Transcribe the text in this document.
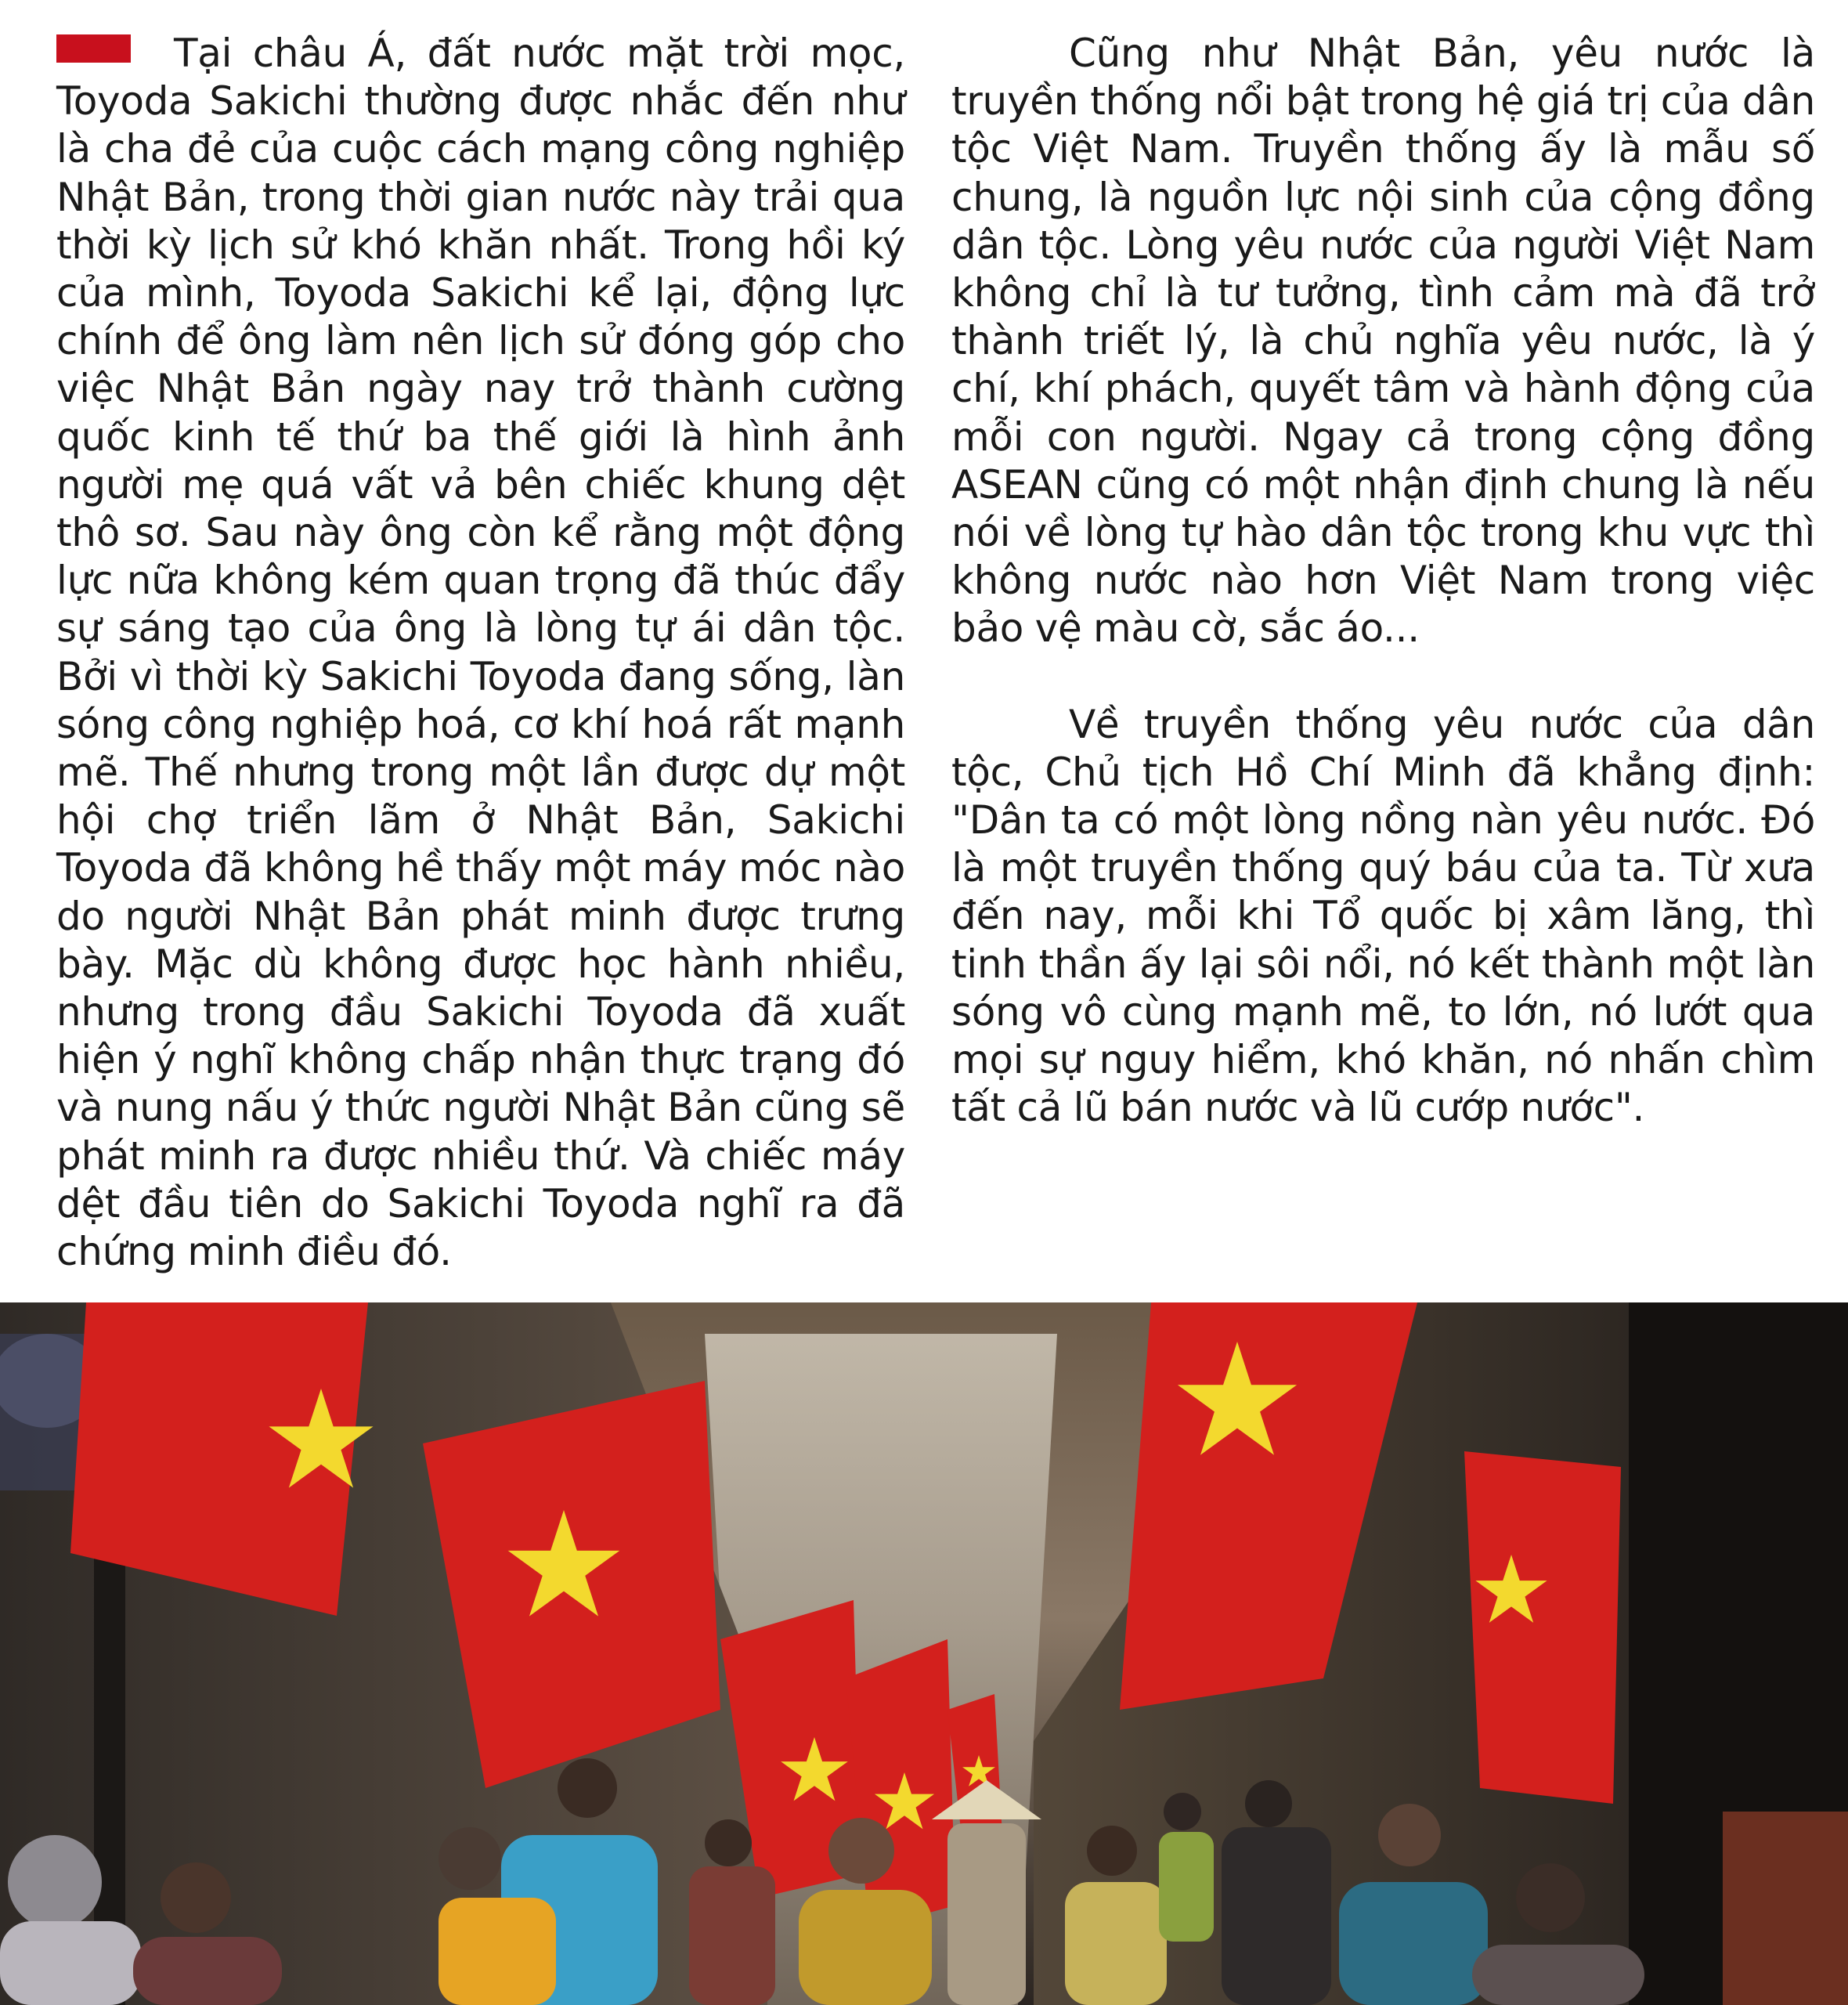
Tại châu Á, đất nước mặt trời mọc, Toyoda Sakichi thường được nhắc đến như là cha đẻ của cuộc cách mạng công nghiệp Nhật Bản, trong thời gian nước này trải qua thời kỳ lịch sử khó khăn nhất. Trong hồi ký của mình, Toyoda Sakichi kể lại, động lực chính để ông làm nên lịch sử đóng góp cho việc Nhật Bản ngày nay trở thành cường quốc kinh tế thứ ba thế giới là hình ảnh người mẹ quá vất vả bên chiếc khung dệt thô sơ. Sau này ông còn kể rằng một động lực nữa không kém quan trọng đã thúc đẩy sự sáng tạo của ông là lòng tự ái dân tộc. Bởi vì thời kỳ Sakichi Toyoda đang sống, làn sóng công nghiệp hoá, cơ khí hoá rất mạnh mẽ. Thế nhưng trong một lần được dự một hội chợ triển lãm ở Nhật Bản, Sakichi Toyoda đã không hề thấy một máy móc nào do người Nhật Bản phát minh được trưng bày. Mặc dù không được học hành nhiều, nhưng trong đầu Sakichi Toyoda đã xuất hiện ý nghĩ không chấp nhận thực trạng đó và nung nấu ý thức người Nhật Bản cũng sẽ phát minh ra được nhiều thứ. Và chiếc máy dệt đầu tiên do Sakichi Toyoda nghĩ ra đã chứng minh điều đó.

Cũng như Nhật Bản, yêu nước là truyền thống nổi bật trong hệ giá trị của dân tộc Việt Nam. Truyền thống ấy là mẫu số chung, là nguồn lực nội sinh của cộng đồng dân tộc. Lòng yêu nước của người Việt Nam không chỉ là tư tưởng, tình cảm mà đã trở thành triết lý, là chủ nghĩa yêu nước, là ý chí, khí phách, quyết tâm và hành động của mỗi con người. Ngay cả trong cộng đồng ASEAN cũng có một nhận định chung là nếu nói về lòng tự hào dân tộc trong khu vực thì không nước nào hơn Việt Nam trong việc bảo vệ màu cờ, sắc áo...

Về truyền thống yêu nước của dân tộc, Chủ tịch Hồ Chí Minh đã khẳng định: "Dân ta có một lòng nồng nàn yêu nước. Đó là một truyền thống quý báu của ta. Từ xưa đến nay, mỗi khi Tổ quốc bị xâm lăng, thì tinh thần ấy lại sôi nổi, nó kết thành một làn sóng vô cùng mạnh mẽ, to lớn, nó lướt qua mọi sự nguy hiểm, khó khăn, nó nhấn chìm tất cả lũ bán nước và lũ cướp nước".
